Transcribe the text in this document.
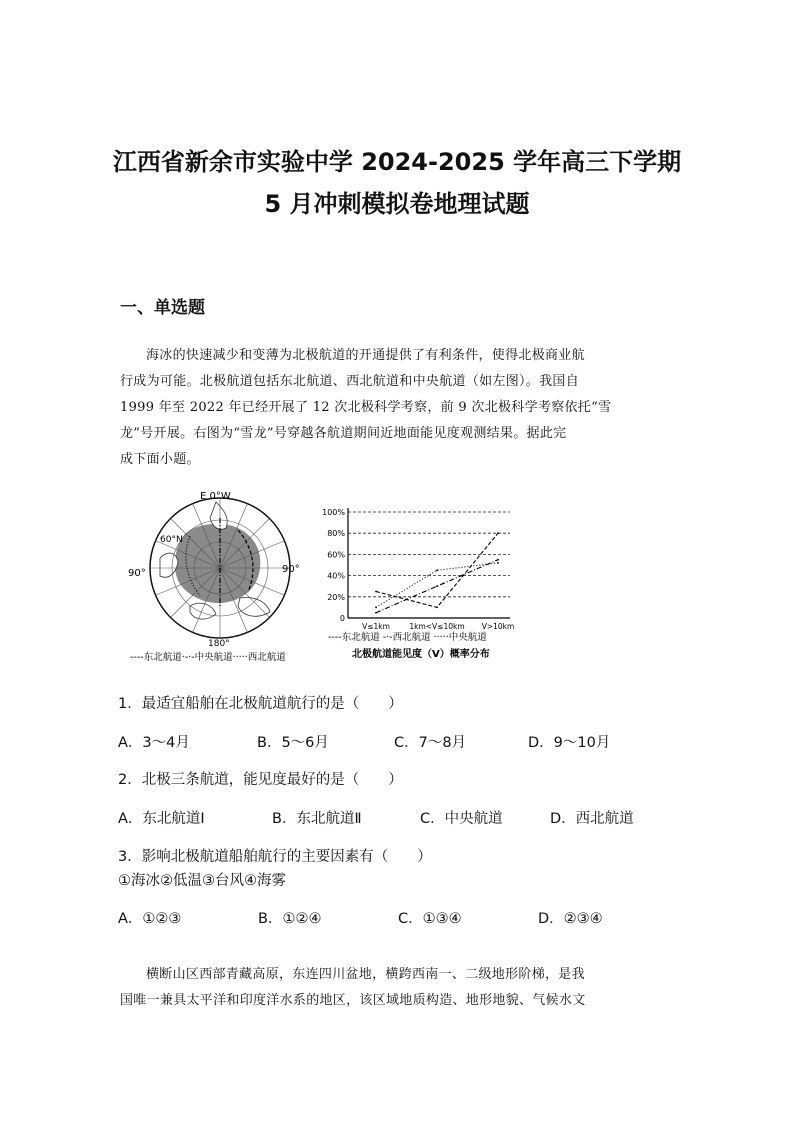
江西省新余市实验中学 2024-2025 学年高三下学期
5 月冲刺模拟卷地理试题
一、单选题
海冰的快速减少和变薄为北极航道的开通提供了有利条件，使得北极商业航
行成为可能。北极航道包括东北航道、西北航道和中央航道（如左图）。我国自
1999 年至 2022 年已经开展了 12 次北极科学考察，前 9 次北极科学考察依托“雪
龙”号开展。右图为“雪龙”号穿越各航道期间近地面能见度观测结果。据此完
成下面小题。
E 0°W
60°N
90°	90°
180°
----东北航道·-·-中央航道·····西北航道
0
20%
40%
60%
80%
100%
V≤1km	1km<V≤10km V>10km
----东北航道 -·-西北航道 ·····中央航道
北极航道能见度（V）概率分布
1．最适宜船舶在北极航道航行的是（　　）
A．3～4月	B．5～6月	C．7～8月	D．9～10月
2．北极三条航道，能见度最好的是（　　）
A．东北航道Ⅰ	B．东北航道Ⅱ	C．中央航道	D．西北航道
3．影响北极航道船舶航行的主要因素有（　　）
①海冰②低温③台风④海雾
A．①②③	B．①②④	C．①③④	D．②③④
横断山区西部青藏高原，东连四川盆地，横跨西南一、二级地形阶梯，是我
国唯一兼具太平洋和印度洋水系的地区，该区域地质构造、地形地貌、气候水文
